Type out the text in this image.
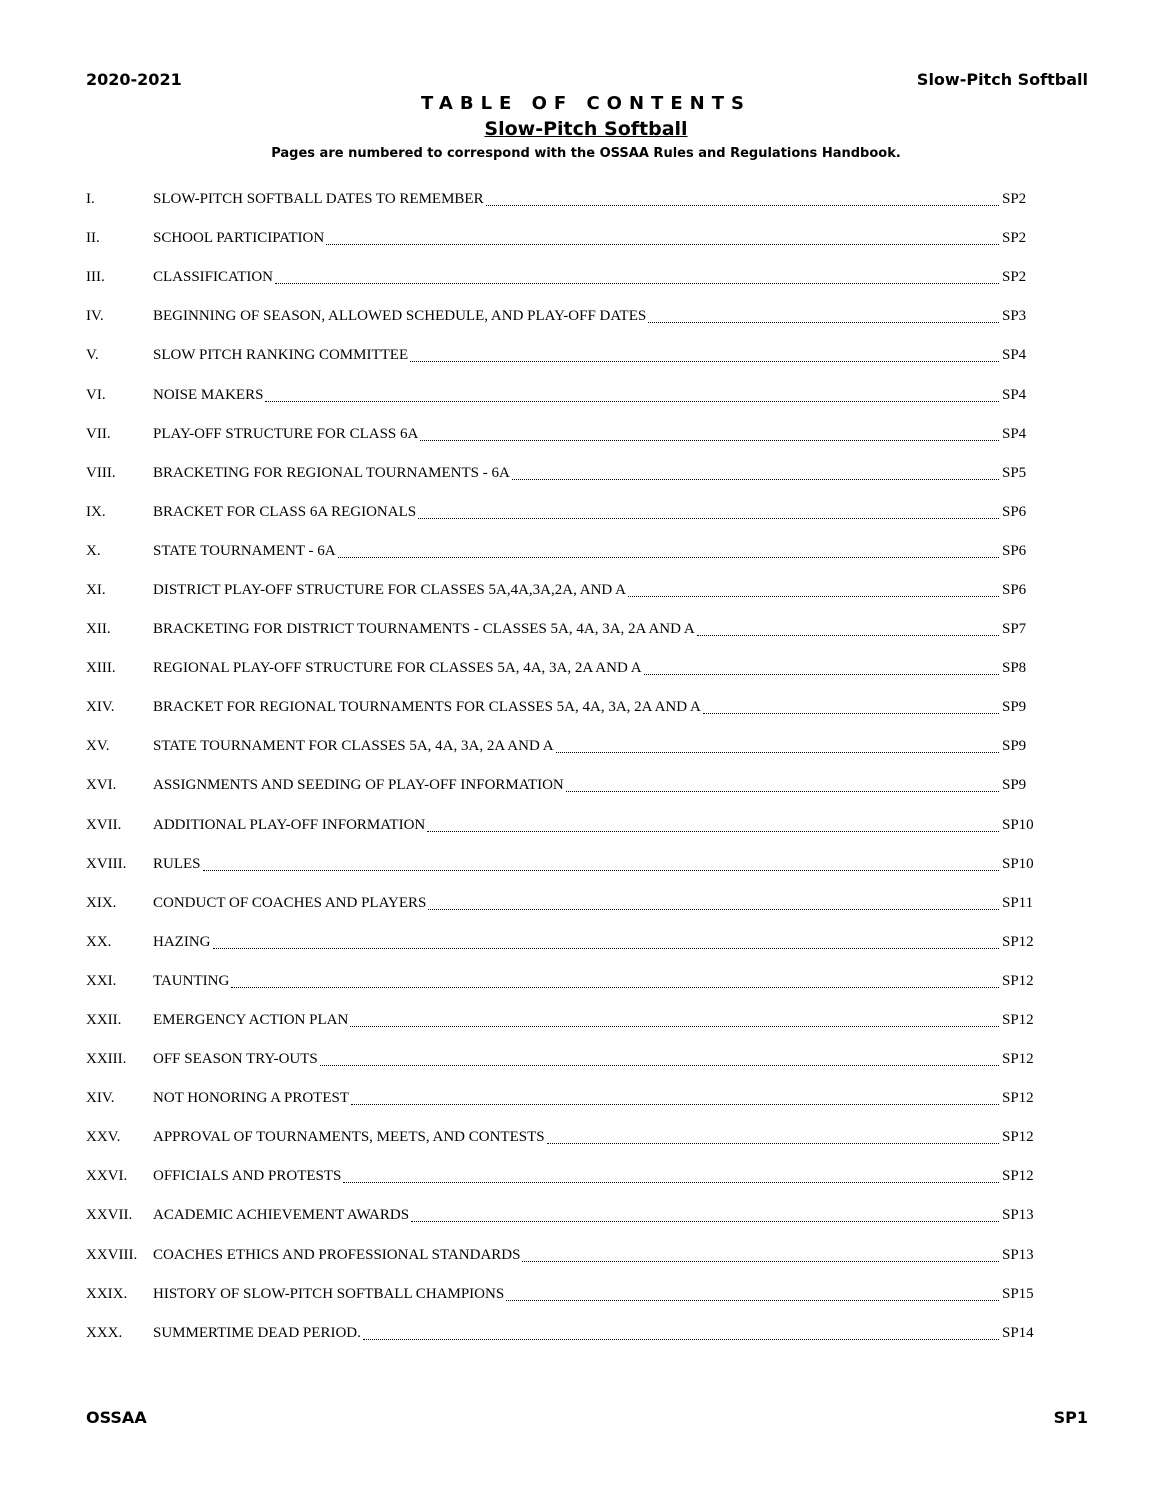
2020-2021	Slow-Pitch Softball
TABLE OF CONTENTS
Slow-Pitch Softball
Pages are numbered to correspond with the OSSAA Rules and Regulations Handbook.
I.	SLOW-PITCH SOFTBALL DATES TO REMEMBER	SP2
II.	SCHOOL PARTICIPATION	SP2
III.	CLASSIFICATION	SP2
IV.	BEGINNING OF SEASON, ALLOWED SCHEDULE, AND PLAY-OFF DATES	SP3
V.	SLOW PITCH RANKING COMMITTEE	SP4
VI.	NOISE MAKERS	SP4
VII.	PLAY-OFF STRUCTURE FOR CLASS 6A	SP4
VIII.	BRACKETING FOR REGIONAL TOURNAMENTS - 6A	SP5
IX.	BRACKET FOR CLASS 6A REGIONALS	SP6
X.	STATE TOURNAMENT - 6A	SP6
XI.	DISTRICT PLAY-OFF STRUCTURE FOR CLASSES 5A,4A,3A,2A, AND A	SP6
XII.	BRACKETING FOR DISTRICT TOURNAMENTS - CLASSES 5A, 4A, 3A, 2A AND A	SP7
XIII.	REGIONAL PLAY-OFF STRUCTURE FOR CLASSES 5A, 4A, 3A, 2A AND A	SP8
XIV.	BRACKET FOR REGIONAL TOURNAMENTS FOR CLASSES 5A, 4A, 3A, 2A AND A	SP9
XV.	STATE TOURNAMENT FOR CLASSES 5A, 4A, 3A, 2A AND A	SP9
XVI.	ASSIGNMENTS AND SEEDING OF PLAY-OFF INFORMATION	SP9
XVII.	ADDITIONAL PLAY-OFF INFORMATION	SP10
XVIII.	RULES	SP10
XIX.	CONDUCT OF COACHES AND PLAYERS	SP11
XX.	HAZING	SP12
XXI.	TAUNTING	SP12
XXII.	EMERGENCY ACTION PLAN	SP12
XXIII.	OFF SEASON TRY-OUTS	SP12
XIV.	NOT HONORING A PROTEST	SP12
XXV.	APPROVAL OF TOURNAMENTS, MEETS, AND CONTESTS	SP12
XXVI.	OFFICIALS AND PROTESTS	SP12
XXVII.	ACADEMIC ACHIEVEMENT AWARDS	SP13
XXVIII.	COACHES ETHICS AND PROFESSIONAL STANDARDS	SP13
XXIX.	HISTORY OF SLOW-PITCH SOFTBALL CHAMPIONS	SP15
XXX.	SUMMERTIME DEAD PERIOD.	SP14
OSSAA	SP1
